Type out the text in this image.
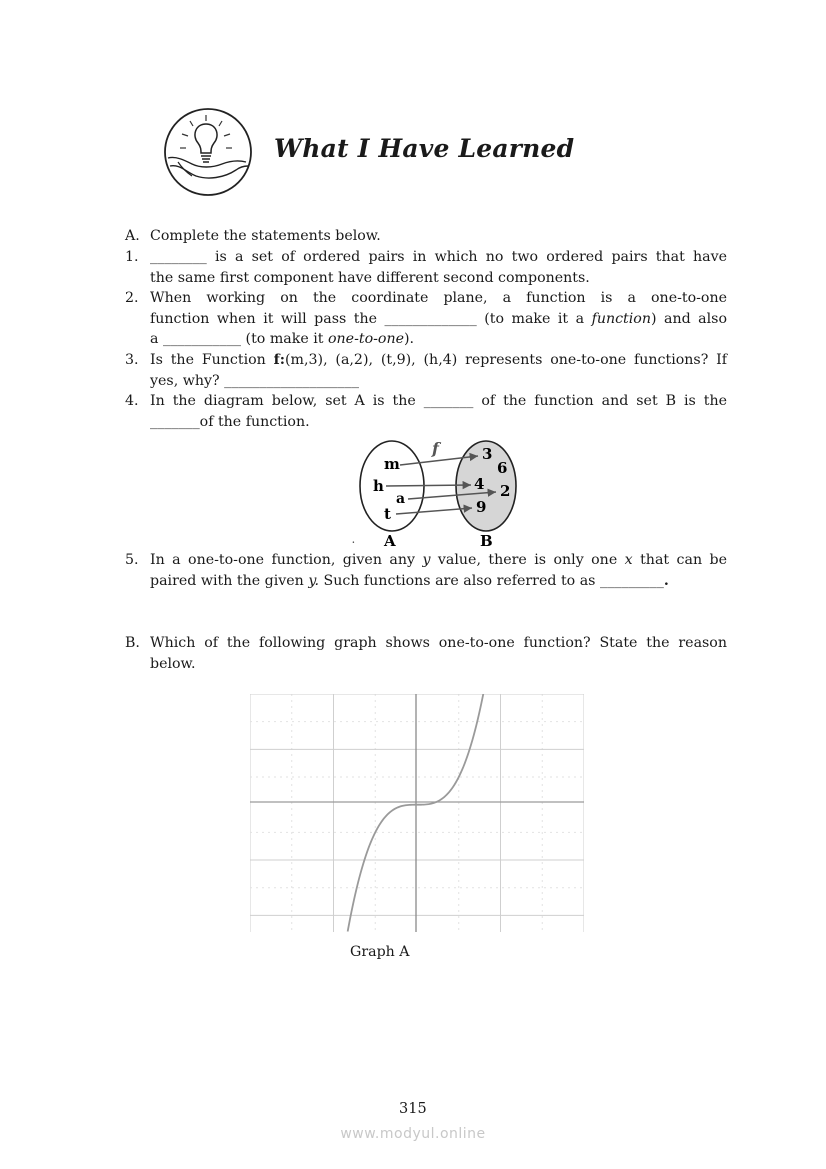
What I Have Learned
A. Complete the statements below.
1. ________ is a set of ordered pairs in which no two ordered pairs that have
the same first component have different second components.
2. When working on the coordinate plane, a function is a one-to-one
function when it will pass the _____________ (to make it a function) and also
a ___________ (to make it one-to-one).
3. Is the Function f:(m,3), (a,2), (t,9), (h,4) represents one-to-one functions? If
yes, why? ___________________
4. In the diagram below, set A is the _______ of the function and set B is the
_______of the function.
5. In a one-to-one function, given any y value, there is only one x that can be
paired with the given y. Such functions are also referred to as _________.
f
m
h
a
t
3
6
4 2
9
. A	B
B. Which of the following graph shows one-to-one function? State the reason
below.
Graph A
315
www.modyul.online
